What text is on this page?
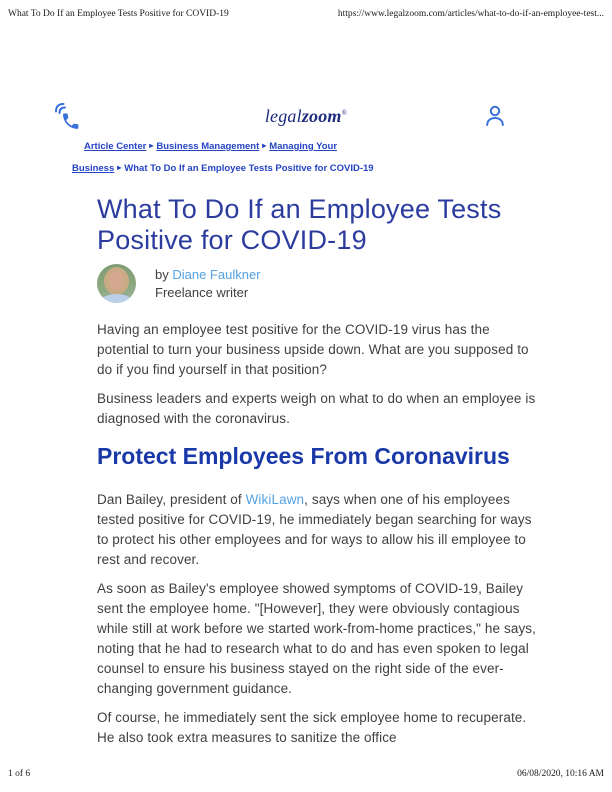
What To Do If an Employee Tests Positive for COVID-19	https://www.legalzoom.com/articles/what-to-do-if-an-employee-test...
legalzoom®
Article Center ▸ Business Management ▸ Managing Your Business ▸ What To Do If an Employee Tests Positive for COVID-19
What To Do If an Employee Tests Positive for COVID-19
by Diane Faulkner
Freelance writer

Having an employee test positive for the COVID-19 virus has the potential to turn your business upside down. What are you supposed to do if you find yourself in that position?

Business leaders and experts weigh on what to do when an employee is diagnosed with the coronavirus.

Protect Employees From Coronavirus

Dan Bailey, president of WikiLawn, says when one of his employees tested positive for COVID-19, he immediately began searching for ways to protect his other employees and for ways to allow his ill employee to rest and recover.

As soon as Bailey's employee showed symptoms of COVID-19, Bailey sent the employee home. "[However], they were obviously contagious while still at work before we started work-from-home practices," he says, noting that he had to research what to do and has even spoken to legal counsel to ensure his business stayed on the right side of the ever-changing government guidance.

Of course, he immediately sent the sick employee home to recuperate. He also took extra measures to sanitize the office

1 of 6	06/08/2020, 10:16 AM
